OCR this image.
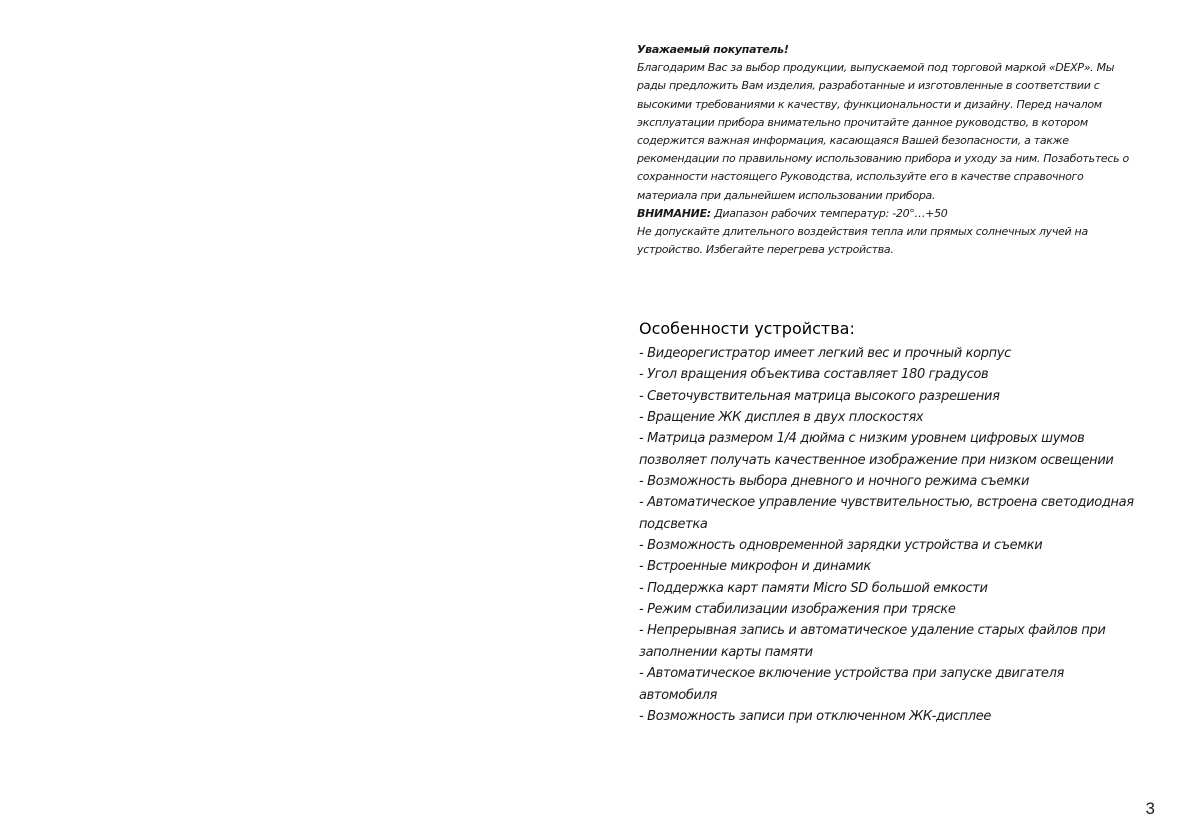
Уважаемый покупатель!

Благодарим Вас за выбор продукции, выпускаемой под торговой маркой «DEXP». Мы рады предложить Вам изделия, разработанные и изготовленные в соответствии с высокими требованиями к качеству, функциональности и дизайну. Перед началом эксплуатации прибора внимательно прочитайте данное руководство, в котором содержится важная информация, касающаяся Вашей безопасности, а также рекомендации по правильному использованию прибора и уходу за ним. Позаботьтесь о сохранности настоящего Руководства, используйте его в качестве справочного материала при дальнейшем использовании прибора.

ВНИМАНИЕ: Диапазон рабочих температур: -20°…+50

Не допускайте длительного воздействия тепла или прямых солнечных лучей на устройство. Избегайте перегрева устройства.

Особенности устройства:
- Видеорегистратор имеет легкий вес и прочный корпус
- Угол вращения объектива составляет 180 градусов
- Светочувствительная матрица высокого разрешения
- Вращение ЖК дисплея в двух плоскостях
- Матрица размером 1/4 дюйма с низким уровнем цифровых шумов позволяет получать качественное изображение при низком освещении
- Возможность выбора дневного и ночного режима съемки
- Автоматическое управление чувствительностью, встроена светодиодная подсветка
- Возможность одновременной зарядки устройства и съемки
- Встроенные микрофон и динамик
- Поддержка карт памяти Micro SD большой емкости
- Режим стабилизации изображения при тряске
- Непрерывная запись и автоматическое удаление старых файлов при заполнении карты памяти
- Автоматическое включение устройства при запуске двигателя автомобиля
- Возможность записи при отключенном ЖК-дисплее
3
